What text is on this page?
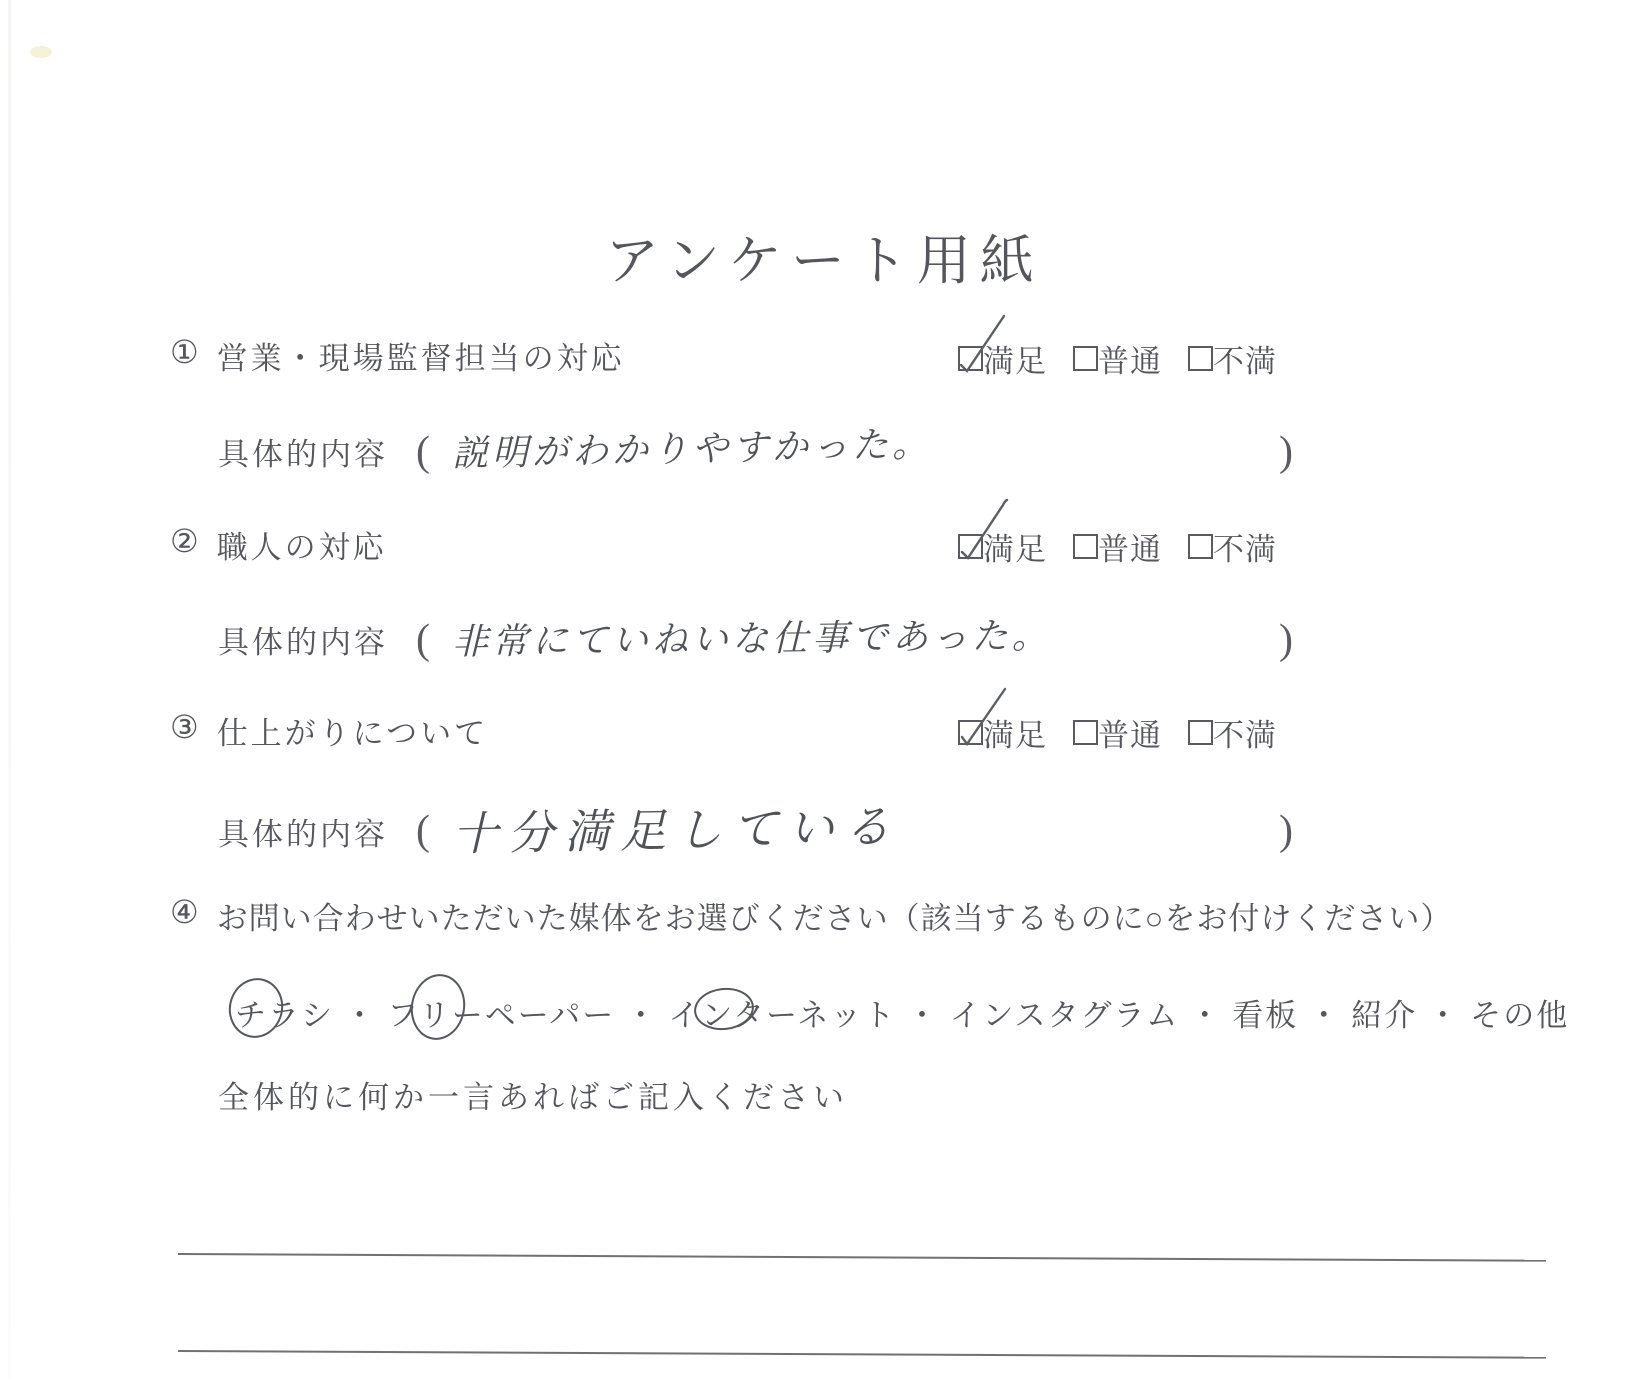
アンケート用紙
① 営業・現場監督担当の対応	満足 普通 不満
具体的内容 ( 説明がわかりやすかった。	)
② 職人の対応	満足 普通 不満
具体的内容 ( 非常にていねいな仕事であった。	)
③ 仕上がりについて	満足 普通 不満
具体的内容 ( 十分満足している	)
④ お問い合わせいただいた媒体をお選びください（該当するものに○をお付けください）
チラシ ・ フリーペーパー ・ インターネット ・ インスタグラム ・ 看板 ・ 紹介 ・ その他
全体的に何か一言あればご記入ください
